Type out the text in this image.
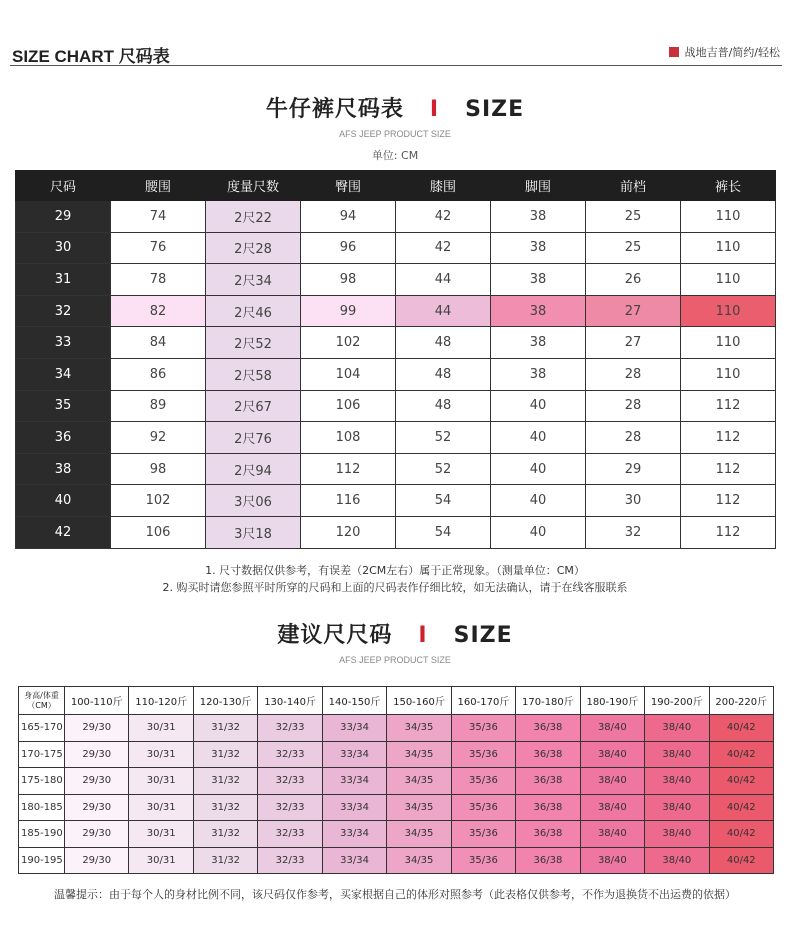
SIZE CHART 尺码表	战地吉普/简约/轻松
牛仔裤尺码表 I SIZE
AFS JEEP PRODUCT SIZE
单位: CM
尺码	腰围	度量尺数	臀围	膝围	脚围	前档	裤长
29	74	2尺22	94	42	38	25	110
30	76	2尺28	96	42	38	25	110
31	78	2尺34	98	44	38	26	110
32	82	2尺46	99	44	38	27	110
33	84	2尺52	102	48	38	27	110
34	86	2尺58	104	48	38	28	110
35	89	2尺67	106	48	40	28	112
36	92	2尺76	108	52	40	28	112
38	98	2尺94	112	52	40	29	112
40	102	3尺06	116	54	40	30	112
42	106	3尺18	120	54	40	32	112
1. 尺寸数据仅供参考，有误差（2CM左右）属于正常现象。（测量单位：CM）
2. 购买时请您参照平时所穿的尺码和上面的尺码表作仔细比较，如无法确认，请于在线客服联系
建议尺尺码 I SIZE
AFS JEEP PRODUCT SIZE
身高/体重（CM）	100-110斤	110-120斤	120-130斤	130-140斤	140-150斤	150-160斤	160-170斤	170-180斤	180-190斤	190-200斤	200-220斤
165-170	29/30	30/31	31/32	32/33	33/34	34/35	35/36	36/38	38/40	38/40	40/42
170-175	29/30	30/31	31/32	32/33	33/34	34/35	35/36	36/38	38/40	38/40	40/42
175-180	29/30	30/31	31/32	32/33	33/34	34/35	35/36	36/38	38/40	38/40	40/42
180-185	29/30	30/31	31/32	32/33	33/34	34/35	35/36	36/38	38/40	38/40	40/42
185-190	29/30	30/31	31/32	32/33	33/34	34/35	35/36	36/38	38/40	38/40	40/42
190-195	29/30	30/31	31/32	32/33	33/34	34/35	35/36	36/38	38/40	38/40	40/42
温馨提示：由于每个人的身材比例不同，该尺码仅作参考，买家根据自己的体形对照参考（此表格仅供参考，不作为退换货不出运费的依据）
